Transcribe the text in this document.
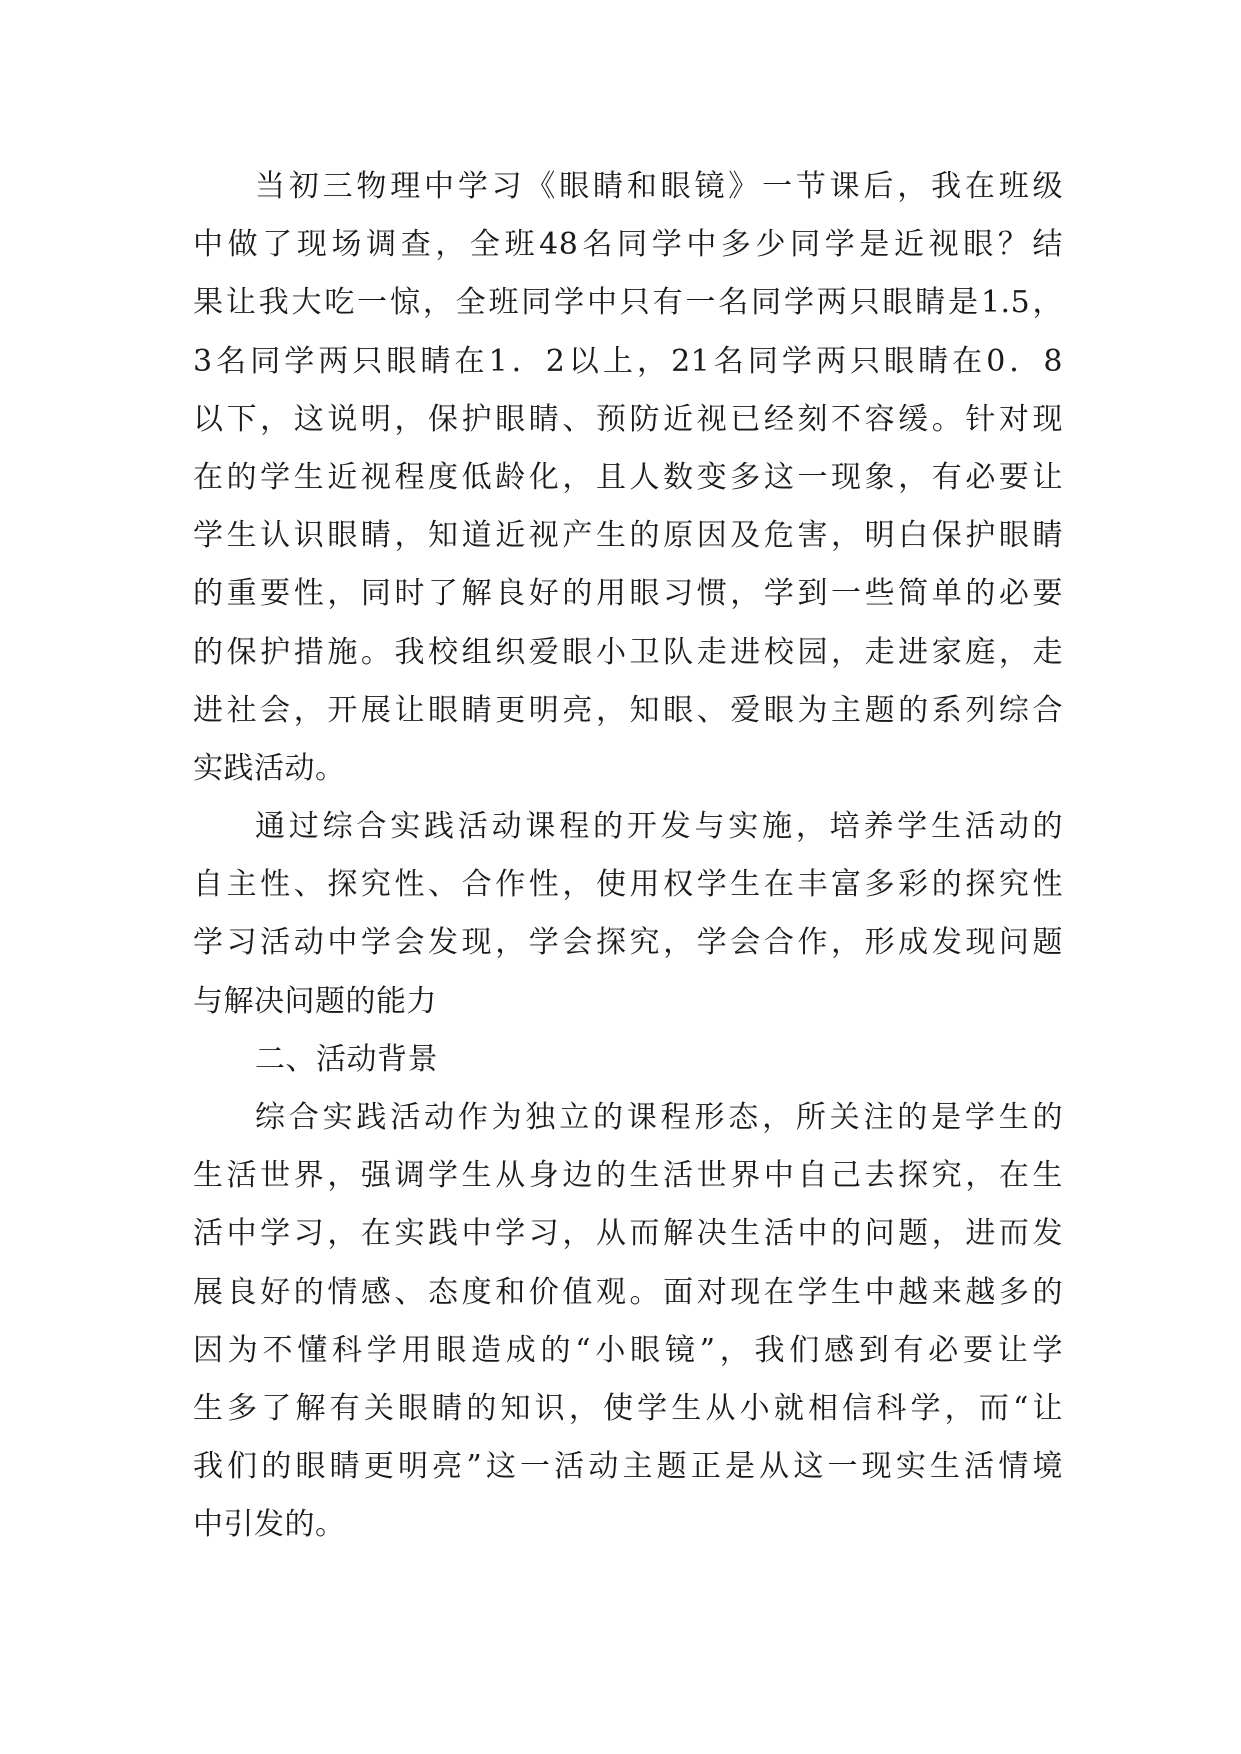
当初三物理中学习《眼睛和眼镜》一节课后，我在班级
中做了现场调查，全班48名同学中多少同学是近视眼？结
果让我大吃一惊，全班同学中只有一名同学两只眼睛是1.5，
3名同学两只眼睛在1．2以上，21名同学两只眼睛在0．8
以下，这说明，保护眼睛、预防近视已经刻不容缓。针对现
在的学生近视程度低龄化，且人数变多这一现象，有必要让
学生认识眼睛，知道近视产生的原因及危害，明白保护眼睛
的重要性，同时了解良好的用眼习惯，学到一些简单的必要
的保护措施。我校组织爱眼小卫队走进校园，走进家庭，走
进社会，开展让眼睛更明亮，知眼、爱眼为主题的系列综合
实践活动。
通过综合实践活动课程的开发与实施，培养学生活动的
自主性、探究性、合作性，使用权学生在丰富多彩的探究性
学习活动中学会发现，学会探究，学会合作，形成发现问题
与解决问题的能力
二、活动背景
综合实践活动作为独立的课程形态，所关注的是学生的
生活世界，强调学生从身边的生活世界中自己去探究，在生
活中学习，在实践中学习，从而解决生活中的问题，进而发
展良好的情感、态度和价值观。面对现在学生中越来越多的
因为不懂科学用眼造成的“小眼镜”，我们感到有必要让学
生多了解有关眼睛的知识，使学生从小就相信科学，而“让
我们的眼睛更明亮”这一活动主题正是从这一现实生活情境
中引发的。
